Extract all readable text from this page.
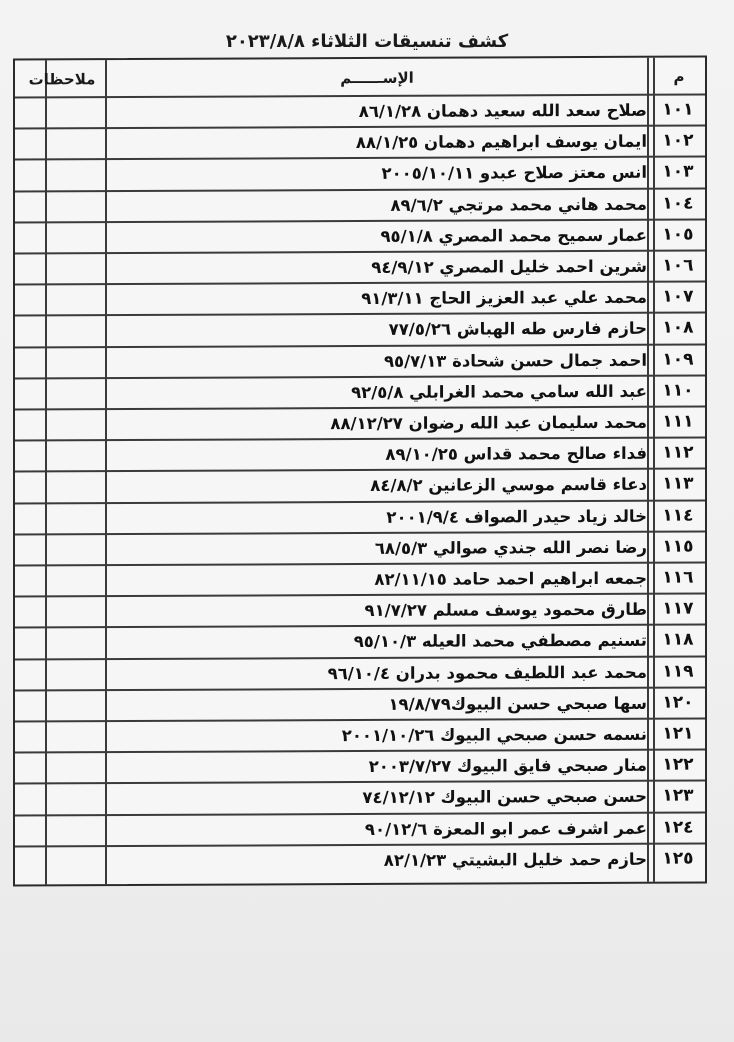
كشف تنسيقات الثلاثاء ٢٠٢٣/٨/٨
ملاحظات	الإســــــم	م
صلاح سعد الله سعيد دهمان ٨٦/١/٢٨ ١٠١
ايمان يوسف ابراهيم دهمان ٨٨/١/٢٥ ١٠٢
انس معتز صلاح عبدو ٢٠٠٥/١٠/١١ ١٠٣
محمد هاني محمد مرتجي ٨٩/٦/٢ ١٠٤
عمار سميح محمد المصري ٩٥/١/٨ ١٠٥
شرين احمد خليل المصري ٩٤/٩/١٢ ١٠٦
محمد علي عبد العزيز الحاج ٩١/٣/١١ ١٠٧
حازم فارس طه الهباش ٧٧/٥/٢٦ ١٠٨
احمد جمال حسن شحادة ٩٥/٧/١٣ ١٠٩
عبد الله سامي محمد الغرابلي ٩٢/٥/٨ ١١٠
محمد سليمان عبد الله رضوان ٨٨/١٢/٢٧ ١١١
فداء صالح محمد قداس ٨٩/١٠/٢٥ ١١٢
دعاء قاسم موسي الزعانين ٨٤/٨/٢ ١١٣
خالد زياد حيدر الصواف ٢٠٠١/٩/٤ ١١٤
رضا نصر الله جندي صوالي ٦٨/٥/٣ ١١٥
جمعه ابراهيم احمد حامد ٨٢/١١/١٥ ١١٦
طارق محمود يوسف مسلم ٩١/٧/٢٧ ١١٧
تسنيم مصطفي محمد العيله ٩٥/١٠/٣ ١١٨
محمد عبد اللطيف محمود بدران ٩٦/١٠/٤ ١١٩
سها صبحي حسن البيوك١٩/٨/٧٩ ١٢٠
نسمه حسن صبحي البيوك ٢٠٠١/١٠/٢٦ ١٢١
منار صبحي فايق البيوك ٢٠٠٣/٧/٢٧ ١٢٢
حسن صبحي حسن البيوك ٧٤/١٢/١٢ ١٢٣
عمر اشرف عمر ابو المعزة ٩٠/١٢/٦ ١٢٤
حازم حمد خليل البشيتي ٨٢/١/٢٣ ١٢٥
